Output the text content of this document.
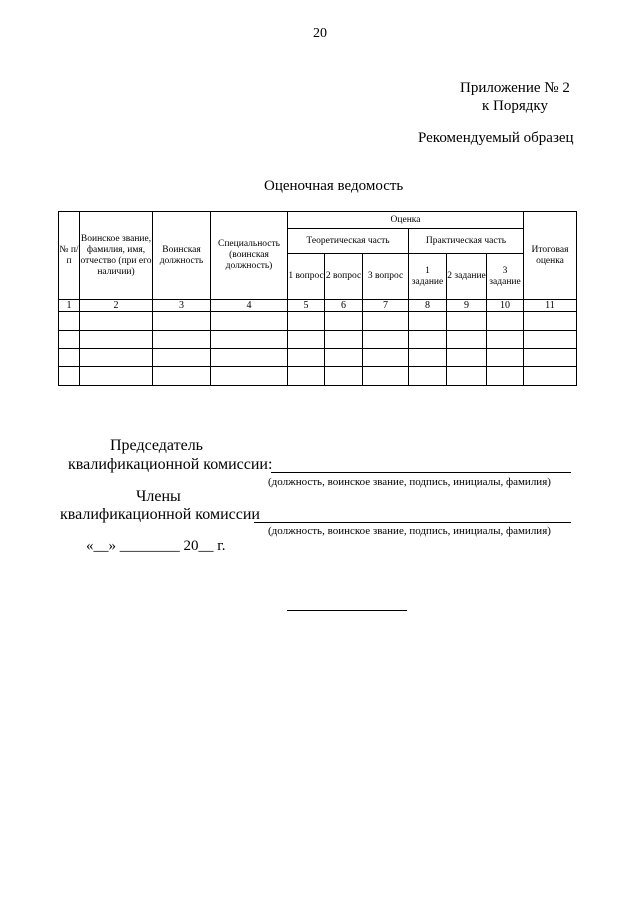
20
Приложение № 2
к Порядку
Рекомендуемый образец
Оценочная ведомость
№ п/п	Воинское звание, фамилия, имя, отчество (при его наличии)	Воинская должность	Специальность (воинская должность)	Оценка						Итоговая оценка
				Теоретическая часть			Практическая часть			
				1 вопрос	2 вопрос	3 вопрос	1 задание	2 задание	3 задание	
1	2	3	4	5	6	7	8	9	10	11

Председатель
квалификационной комиссии:
(должность, воинское звание, подпись, инициалы, фамилия)
Члены
квалификационной комиссии
(должность, воинское звание, подпись, инициалы, фамилия)
«__» ________ 20__ г.
